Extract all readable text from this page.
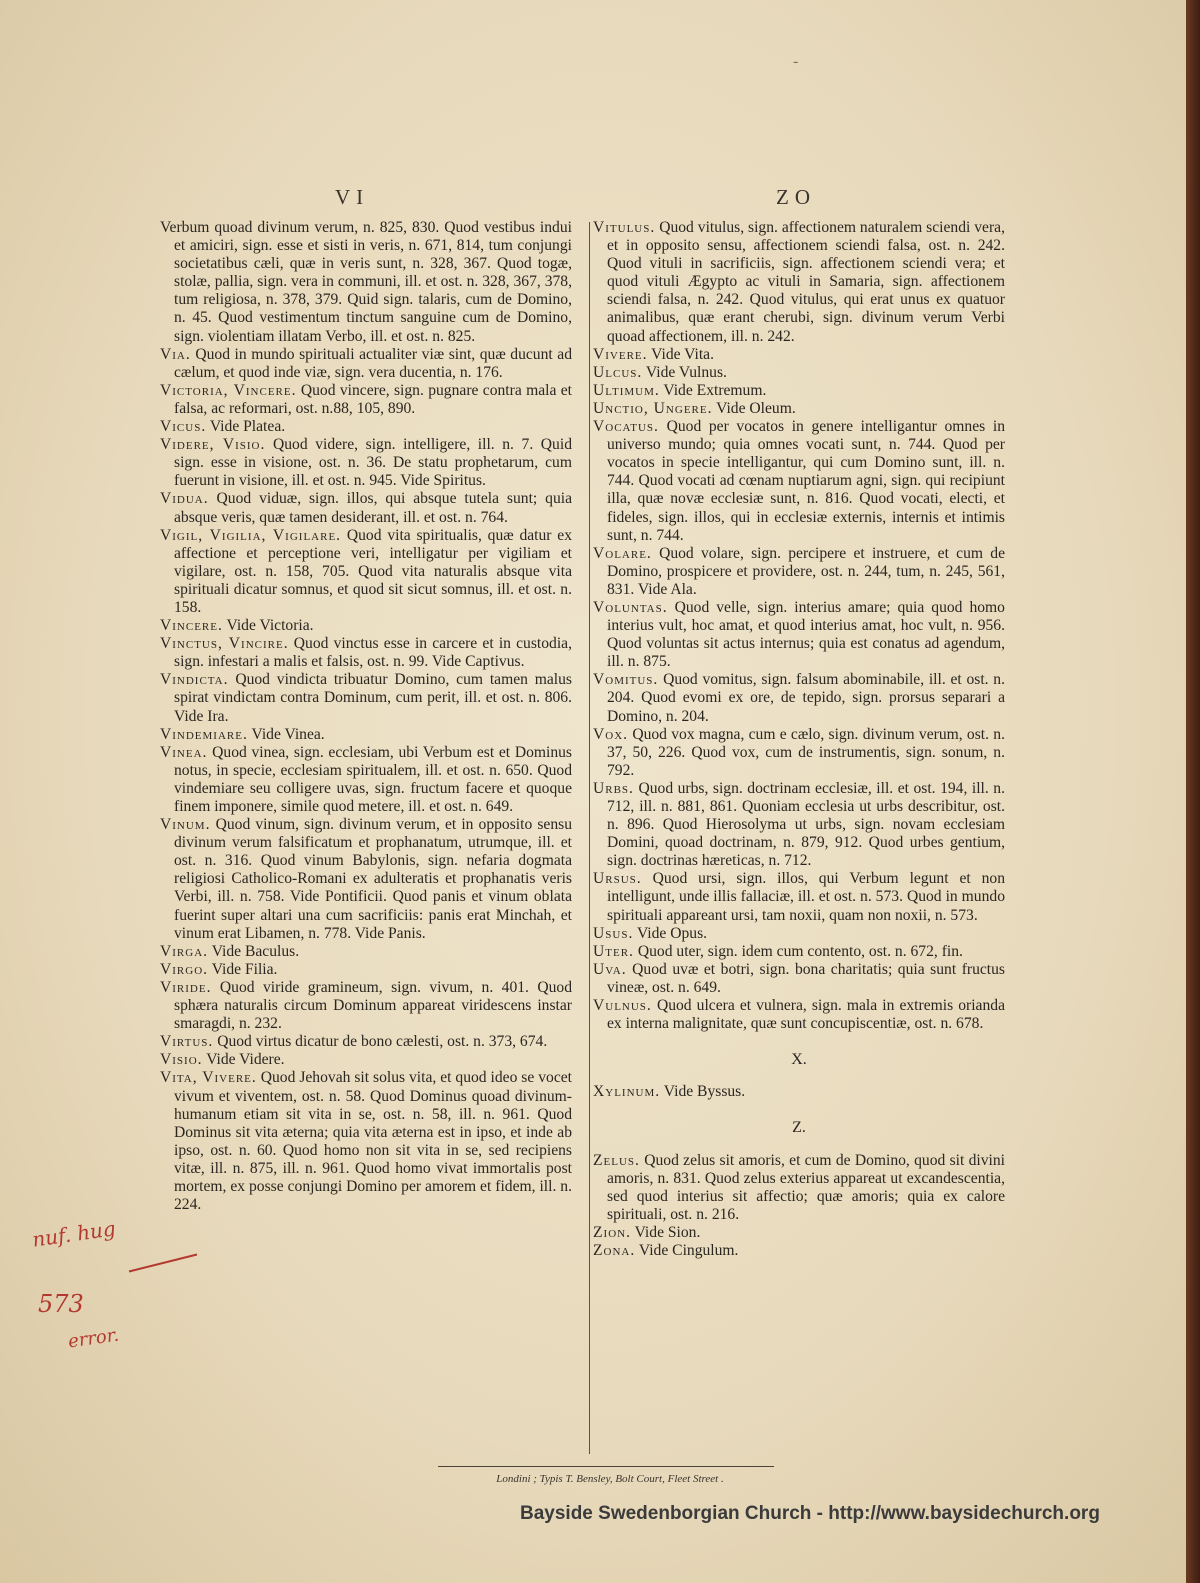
‑
VI	ZO

Verbum quoad divinum verum, n. 825, 830. Quod vestibus indui et amiciri, sign. esse et sisti in veris, n. 671, 814, tum conjungi societatibus cæli, quæ in veris sunt, n. 328, 367. Quod togæ, stolæ, pallia, sign. vera in communi, ill. et ost. n. 328, 367, 378, tum religiosa, n. 378, 379. Quid sign. talaris, cum de Domino, n. 45. Quod vestimentum tinctum sanguine cum de Domino, sign. violentiam illatam Verbo, ill. et ost. n. 825.

Via. Quod in mundo spirituali actualiter viæ sint, quæ ducunt ad cælum, et quod inde viæ, sign. vera ducentia, n. 176.

Victoria, Vincere. Quod vincere, sign. pugnare contra mala et falsa, ac reformari, ost. n.88, 105, 890.

Vicus. Vide Platea.

Videre, Visio. Quod videre, sign. intelligere, ill. n. 7. Quid sign. esse in visione, ost. n. 36. De statu prophetarum, cum fuerunt in visione, ill. et ost. n. 945. Vide Spiritus.

Vidua. Quod viduæ, sign. illos, qui absque tutela sunt; quia absque veris, quæ tamen desiderant, ill. et ost. n. 764.

Vigil, Vigilia, Vigilare. Quod vita spiritualis, quæ datur ex affectione et perceptione veri, intelligatur per vigiliam et vigilare, ost. n. 158, 705. Quod vita naturalis absque vita spirituali dicatur somnus, et quod sit sicut somnus, ill. et ost. n. 158.

Vincere. Vide Victoria.

Vinctus, Vincire. Quod vinctus esse in carcere et in custodia, sign. infestari a malis et falsis, ost. n. 99. Vide Captivus.

Vindicta. Quod vindicta tribuatur Domino, cum tamen malus spirat vindictam contra Dominum, cum perit, ill. et ost. n. 806. Vide Ira.

Vindemiare. Vide Vinea.

Vinea. Quod vinea, sign. ecclesiam, ubi Verbum est et Dominus notus, in specie, ecclesiam spiritualem, ill. et ost. n. 650. Quod vindemiare seu colligere uvas, sign. fructum facere et quoque finem imponere, simile quod metere, ill. et ost. n. 649.

Vinum. Quod vinum, sign. divinum verum, et in opposito sensu divinum verum falsificatum et prophanatum, utrumque, ill. et ost. n. 316. Quod vinum Babylonis, sign. nefaria dogmata religiosi Catholico-Romani ex adulteratis et prophanatis veris Verbi, ill. n. 758. Vide Pontificii. Quod panis et vinum oblata fuerint super altari una cum sacrificiis: panis erat Minchah, et vinum erat Libamen, n. 778. Vide Panis.

Virga. Vide Baculus.

Virgo. Vide Filia.

Viride. Quod viride gramineum, sign. vivum, n. 401. Quod sphæra naturalis circum Dominum appareat viridescens instar smaragdi, n. 232.

Virtus. Quod virtus dicatur de bono cælesti, ost. n. 373, 674.

Visio. Vide Videre.

Vita, Vivere. Quod Jehovah sit solus vita, et quod ideo se vocet vivum et viventem, ost. n. 58. Quod Dominus quoad divinum-humanum etiam sit vita in se, ost. n. 58, ill. n. 961. Quod Dominus sit vita æterna; quia vita æterna est in ipso, et inde ab ipso, ost. n. 60. Quod homo non sit vita in se, sed recipiens vitæ, ill. n. 875, ill. n. 961. Quod homo vivat immortalis post mortem, ex posse conjungi Domino per amorem et fidem, ill. n. 224.

Vitulus. Quod vitulus, sign. affectionem naturalem sciendi vera, et in opposito sensu, affectionem sciendi falsa, ost. n. 242. Quod vituli in sacrificiis, sign. affectionem sciendi vera; et quod vituli Ægypto ac vituli in Samaria, sign. affectionem sciendi falsa, n. 242. Quod vitulus, qui erat unus ex quatuor animalibus, quæ erant cherubi, sign. divinum verum Verbi quoad affectionem, ill. n. 242.

Vivere. Vide Vita.

Ulcus. Vide Vulnus.

Ultimum. Vide Extremum.

Unctio, Ungere. Vide Oleum.

Vocatus. Quod per vocatos in genere intelligantur omnes in universo mundo; quia omnes vocati sunt, n. 744. Quod per vocatos in specie intelligantur, qui cum Domino sunt, ill. n. 744. Quod vocati ad cœnam nuptiarum agni, sign. qui recipiunt illa, quæ novæ ecclesiæ sunt, n. 816. Quod vocati, electi, et fideles, sign. illos, qui in ecclesiæ externis, internis et intimis sunt, n. 744.

Volare. Quod volare, sign. percipere et instruere, et cum de Domino, prospicere et providere, ost. n. 244, tum, n. 245, 561, 831. Vide Ala.

Voluntas. Quod velle, sign. interius amare; quia quod homo interius vult, hoc amat, et quod interius amat, hoc vult, n. 956. Quod voluntas sit actus internus; quia est conatus ad agendum, ill. n. 875.

Vomitus. Quod vomitus, sign. falsum abominabile, ill. et ost. n. 204. Quod evomi ex ore, de tepido, sign. prorsus separari a Domino, n. 204.

Vox. Quod vox magna, cum e cælo, sign. divinum verum, ost. n. 37, 50, 226. Quod vox, cum de instrumentis, sign. sonum, n. 792.

Urbs. Quod urbs, sign. doctrinam ecclesiæ, ill. et ost. 194, ill. n. 712, ill. n. 881, 861. Quoniam ecclesia ut urbs describitur, ost. n. 896. Quod Hierosolyma ut urbs, sign. novam ecclesiam Domini, quoad doctrinam, n. 879, 912. Quod urbes gentium, sign. doctrinas hæreticas, n. 712.

Ursus. Quod ursi, sign. illos, qui Verbum legunt et non intelligunt, unde illis fallaciæ, ill. et ost. n. 573. Quod in mundo spirituali appareant ursi, tam noxii, quam non noxii, n. 573.

Usus. Vide Opus.

Uter. Quod uter, sign. idem cum contento, ost. n. 672, fin.

Uva. Quod uvæ et botri, sign. bona charitatis; quia sunt fructus vineæ, ost. n. 649.

Vulnus. Quod ulcera et vulnera, sign. mala in extremis orianda ex interna malignitate, quæ sunt concupiscentiæ, ost. n. 678.

X.

Xylinum. Vide Byssus.

Z.

Zelus. Quod zelus sit amoris, et cum de Domino, quod sit divini amoris, n. 831. Quod zelus exterius appareat ut excandescentia, sed quod interius sit affectio; quæ amoris; quia ex calore spirituali, ost. n. 216.

Zion. Vide Sion.

Zona. Vide Cingulum.

nuf. hug
573
error.
Londini ; Typis T. Bensley, Bolt Court, Fleet Street .
Bayside Swedenborgian Church - http://www.baysidechurch.org
